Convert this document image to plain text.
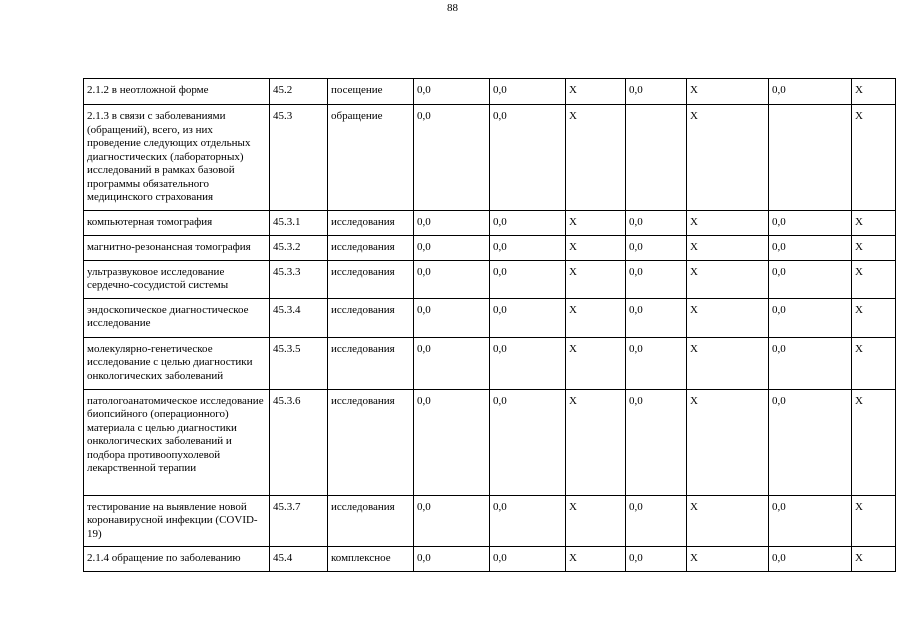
88
2.1.2 в неотложной форме	45.2	посещение	0,0	0,0	X	0,0	X	0,0	X
2.1.3 в связи с заболеваниями (обращений), всего, из них проведение следующих отдельных диагностических (лабораторных) исследований в рамках базовой программы обязательного медицинского страхования	45.3	обращение	0,0	0,0	X		X		X
компьютерная томография	45.3.1	исследования	0,0	0,0	X	0,0	X	0,0	X
магнитно-резонансная томография	45.3.2	исследования	0,0	0,0	X	0,0	X	0,0	X
ультразвуковое исследование сердечно-сосудистой системы	45.3.3	исследования	0,0	0,0	X	0,0	X	0,0	X
эндоскопическое диагностическое исследование	45.3.4	исследования	0,0	0,0	X	0,0	X	0,0	X
молекулярно-генетическое исследование с целью диагностики онкологических заболеваний	45.3.5	исследования	0,0	0,0	X	0,0	X	0,0	X
патологоанатомическое исследование биопсийного (операционного) материала с целью диагностики онкологических заболеваний и подбора противоопухолевой лекарственной терапии	45.3.6	исследования	0,0	0,0	X	0,0	X	0,0	X
тестирование на выявление новой коронавирусной инфекции (COVID-19)	45.3.7	исследования	0,0	0,0	X	0,0	X	0,0	X
2.1.4 обращение по заболеванию	45.4	комплексное	0,0	0,0	X	0,0	X	0,0	X
